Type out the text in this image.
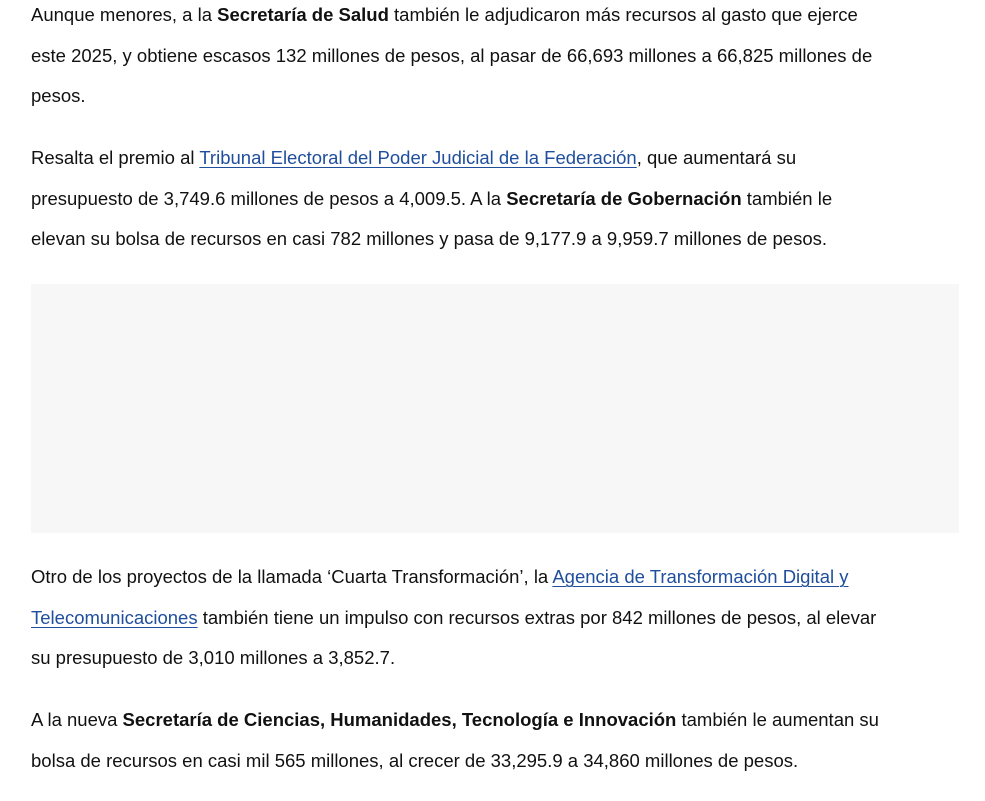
Aunque menores, a la Secretaría de Salud también le adjudicaron más recursos al gasto que ejerce
este 2025, y obtiene escasos 132 millones de pesos, al pasar de 66,693 millones a 66,825 millones de
pesos.

Resalta el premio al Tribunal Electoral del Poder Judicial de la Federación, que aumentará su
presupuesto de 3,749.6 millones de pesos a 4,009.5. A la Secretaría de Gobernación también le
elevan su bolsa de recursos en casi 782 millones y pasa de 9,177.9 a 9,959.7 millones de pesos.

Otro de los proyectos de la llamada ‘Cuarta Transformación’, la Agencia de Transformación Digital y
Telecomunicaciones también tiene un impulso con recursos extras por 842 millones de pesos, al elevar
su presupuesto de 3,010 millones a 3,852.7.

A la nueva Secretaría de Ciencias, Humanidades, Tecnología e Innovación también le aumentan su
bolsa de recursos en casi mil 565 millones, al crecer de 33,295.9 a 34,860 millones de pesos.
